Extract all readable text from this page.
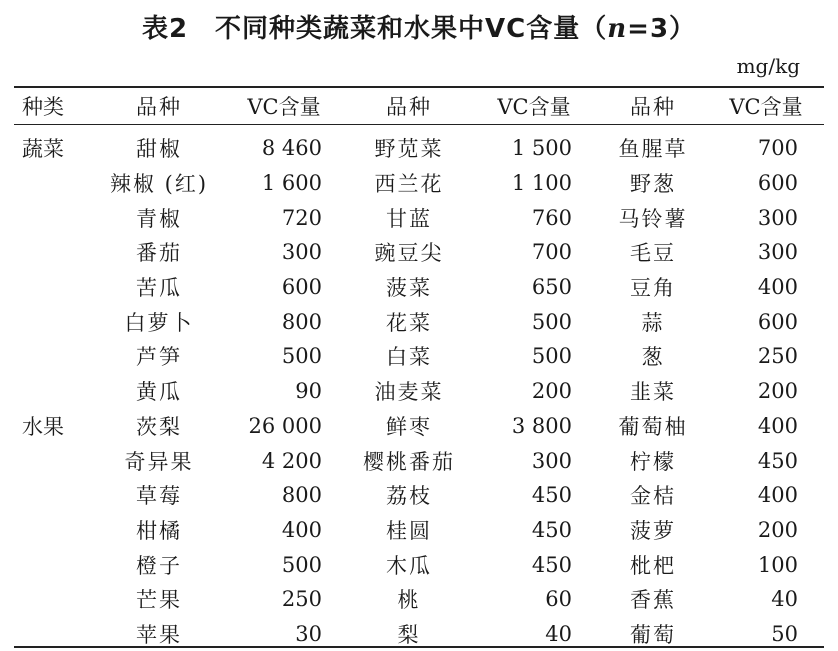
表2　不同种类蔬菜和水果中VC含量（n=3）
mg/kg
种类	品种	VC含量	品种	VC含量	品种	VC含量
蔬菜	甜椒	8 460	野苋菜	1 500	鱼腥草	700
	辣椒 (红)	1 600	西兰花	1 100	野葱	600
	青椒	720	甘蓝	760	马铃薯	300
	番茄	300	豌豆尖	700	毛豆	300
	苦瓜	600	菠菜	650	豆角	400
	白萝卜	800	花菜	500	蒜	600
	芦笋	500	白菜	500	葱	250
	黄瓜	90	油麦菜	200	韭菜	200
水果	茨梨	26 000	鲜枣	3 800	葡萄柚	400
	奇异果	4 200	樱桃番茄	300	柠檬	450
	草莓	800	荔枝	450	金桔	400
	柑橘	400	桂圆	450	菠萝	200
	橙子	500	木瓜	450	枇杷	100
	芒果	250	桃	60	香蕉	40
	苹果	30	梨	40	葡萄	50
